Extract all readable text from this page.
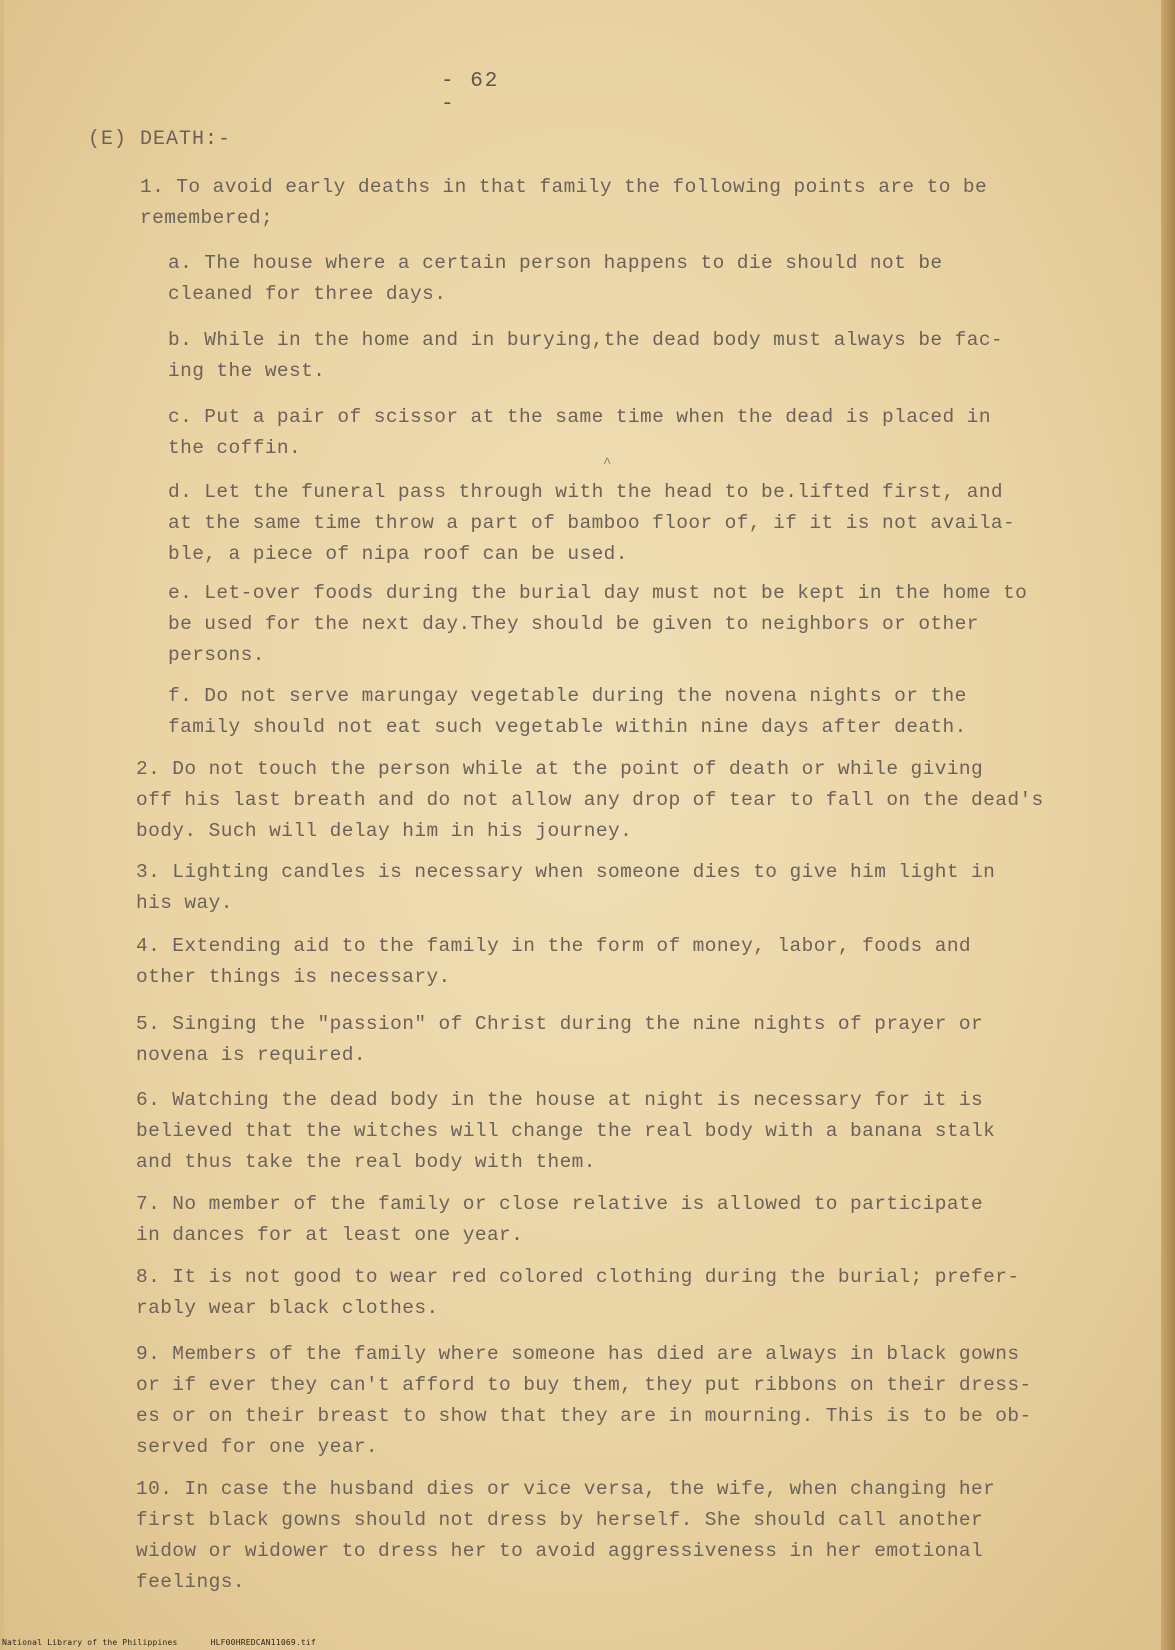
- 62 -
(E) DEATH:-

1. To avoid early deaths in that family the following points are to be
remembered;

a. The house where a certain person happens to die should not be
cleaned for three days.

b. While in the home and in burying,the dead body must always be fac-
ing the west.

c. Put a pair of scissor at the same time when the dead is placed in
the coffin.

^

d. Let the funeral pass through with the head to be.lifted first, and
at the same time throw a part of bamboo floor of, if it is not availa-
ble, a piece of nipa roof can be used.

e. Let-over foods during the burial day must not be kept in the home to
be used for the next day.They should be given to neighbors or other
persons.

f. Do not serve marungay vegetable during the novena nights or the
family should not eat such vegetable within nine days after death.

2. Do not touch the person while at the point of death or while giving
off his last breath and do not allow any drop of tear to fall on the dead's
body. Such will delay him in his journey.

3. Lighting candles is necessary when someone dies to give him light in
his way.

4. Extending aid to the family in the form of money, labor, foods and
other things is necessary.

5. Singing the "passion" of Christ during the nine nights of prayer or
novena is required.

6. Watching the dead body in the house at night is necessary for it is
believed that the witches will change the real body with a banana stalk
and thus take the real body with them.

7. No member of the family or close relative is allowed to participate
in dances for at least one year.

8. It is not good to wear red colored clothing during the burial; prefer-
rably wear black clothes.

9. Members of the family where someone has died are always in black gowns
or if ever they can't afford to buy them, they put ribbons on their dress-
es or on their breast to show that they are in mourning. This is to be ob-
served for one year.

10. In case the husband dies or vice versa, the wife, when changing her
first black gowns should not dress by herself. She should call another
widow or widower to dress her to avoid aggressiveness in her emotional
feelings.

National Library of the Philippines	HLF00HREDCAN11069.tif
